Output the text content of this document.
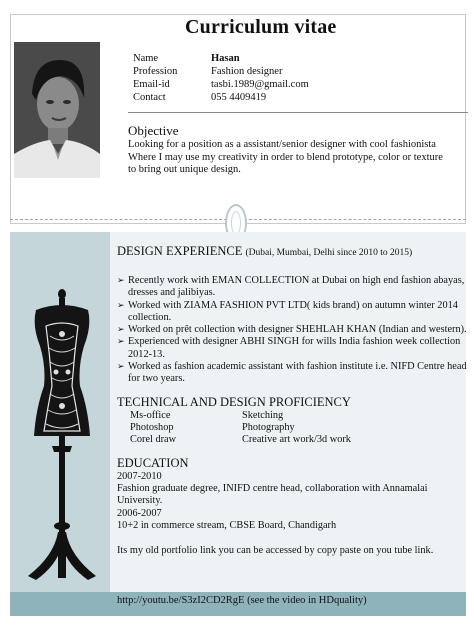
Curriculum vitae
Name	Hasan
Profession	Fashion designer
Email-id	tasbi.1989@gmail.com
Contact	055 4409419
Objective
Looking for a position as a assistant/senior designer with cool fashionista Where I may use my creativity in order to blend prototype, color or texture to bring out unique design.
DESIGN EXPERIENCE (Dubai, Mumbai, Delhi since 2010 to 2015)
➢ Recently work with EMAN COLLECTION at Dubai on high end fashion abayas, dresses and jalibiyas.
➢ Worked with ZIAMA FASHION PVT LTD( kids brand) on autumn winter 2014 collection.
➢ Worked on prêt collection with designer SHEHLAH KHAN (Indian and western).
➢ Experienced with designer ABHI SINGH for wills India fashion week collection 2012-13.
➢ Worked as fashion academic assistant with fashion institute i.e. NIFD Centre head for two years.
TECHNICAL AND DESIGN PROFICIENCY
Ms-office	Sketching
Photoshop	Photography
Corel draw	Creative art work/3d work
EDUCATION
2007-2010
Fashion graduate degree, INIFD centre head, collaboration with Annamalai University.
2006-2007
10+2 in commerce stream, CBSE Board, Chandigarh
Its my old portfolio link you can be accessed by copy paste on you tube link.
http://youtu.be/S3zI2CD2RgE (see the video in HDquality)
